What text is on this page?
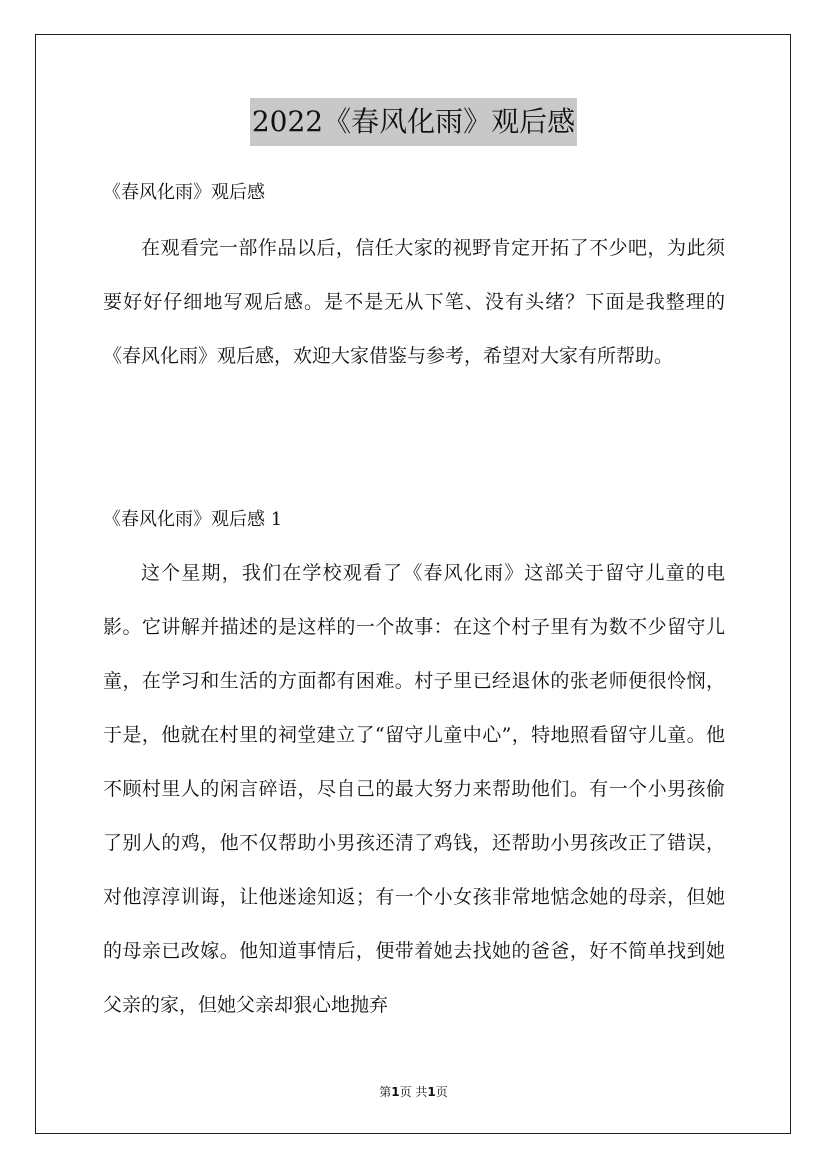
2022《春风化雨》观后感
《春风化雨》观后感

在观看完一部作品以后，信任大家的视野肯定开拓了不少吧，为此须要好好仔细地写观后感。是不是无从下笔、没有头绪？下面是我整理的《春风化雨》观后感，欢迎大家借鉴与参考，希望对大家有所帮助。

《春风化雨》观后感 1

这个星期，我们在学校观看了《春风化雨》这部关于留守儿童的电影。它讲解并描述的是这样的一个故事：在这个村子里有为数不少留守儿童，在学习和生活的方面都有困难。村子里已经退休的张老师便很怜悯，于是，他就在村里的祠堂建立了“留守儿童中心”，特地照看留守儿童。他不顾村里人的闲言碎语，尽自己的最大努力来帮助他们。有一个小男孩偷了别人的鸡，他不仅帮助小男孩还清了鸡钱，还帮助小男孩改正了错误，对他淳淳训诲，让他迷途知返；有一个小女孩非常地惦念她的母亲，但她的母亲已改嫁。他知道事情后，便带着她去找她的爸爸，好不简单找到她父亲的家，但她父亲却狠心地抛弃

第1页 共1页
